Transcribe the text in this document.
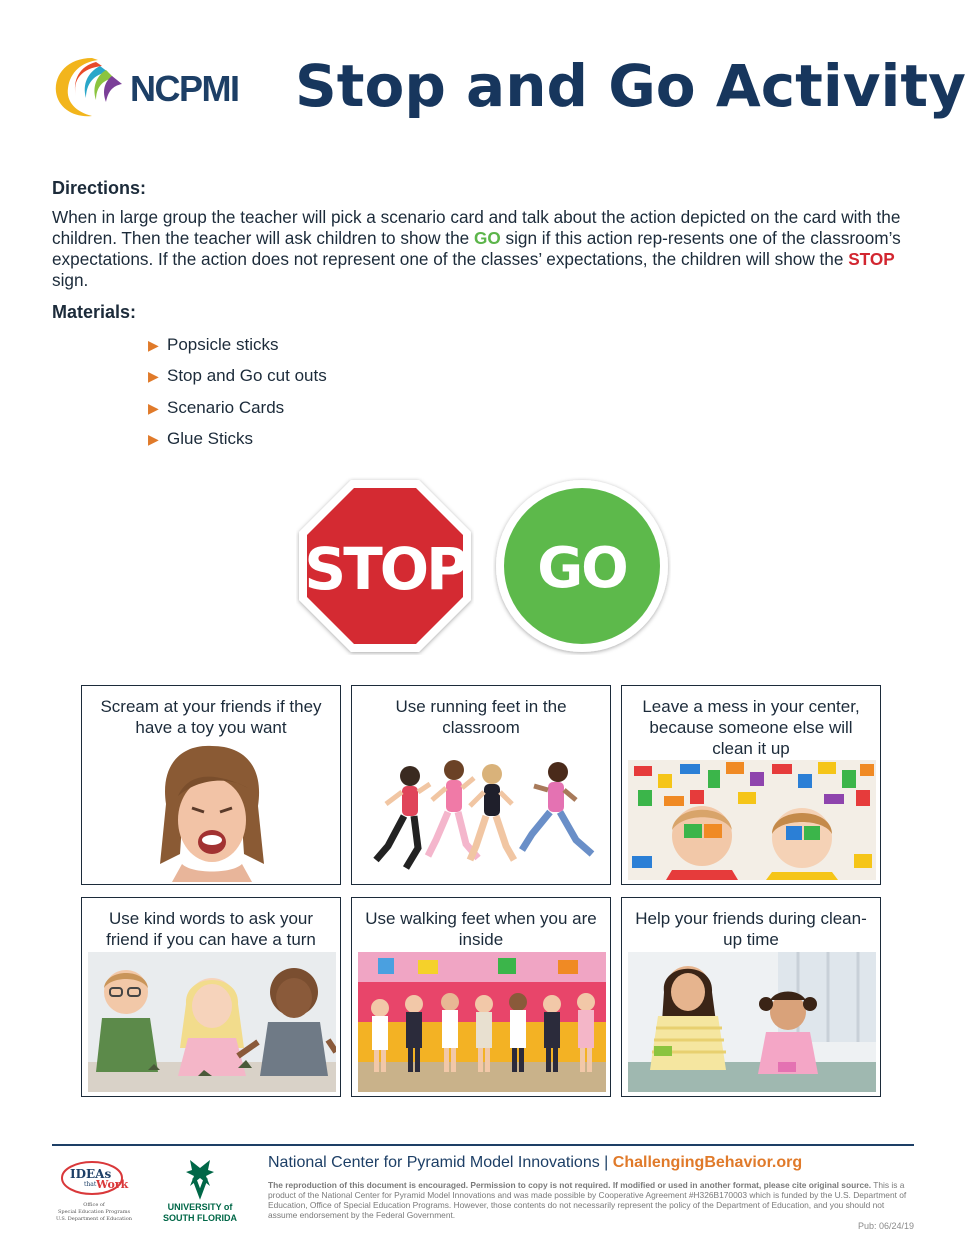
NCPMI Stop and Go Activity
Directions:
When in large group the teacher will pick a scenario card and talk about the action depicted on the card with the children. Then the teacher will ask children to show the GO sign if this action rep-resents one of the classroom’s expectations. If the action does not represent one of the classes’ expectations, the children will show the STOP sign.
Materials:
▶ Popsicle sticks
▶ Stop and Go cut outs
▶ Scenario Cards
▶ Glue Sticks
STOP GO
Scream at your friends if they have a toy you want
Use running feet in the classroom
Leave a mess in your center, because someone else will clean it up
Use kind words to ask your friend if you can have a turn
Use walking feet when you are inside
Help your friends during clean-up time
IDEAs
that Work
Office of
Special Education Programs
U.S. Department of Education
UNIVERSITY of
SOUTH FLORIDA
National Center for Pyramid Model Innovations | ChallengingBehavior.org
The reproduction of this document is encouraged. Permission to copy is not required. If modified or used in another format, please cite original source. This is a product of the National Center for Pyramid Model Innovations and was made possible by Cooperative Agreement #H326B170003 which is funded by the U.S. Department of Education, Office of Special Education Programs. However, those contents do not necessarily represent the policy of the Department of Education, and you should not assume endorsement by the Federal Government.
Pub: 06/24/19
